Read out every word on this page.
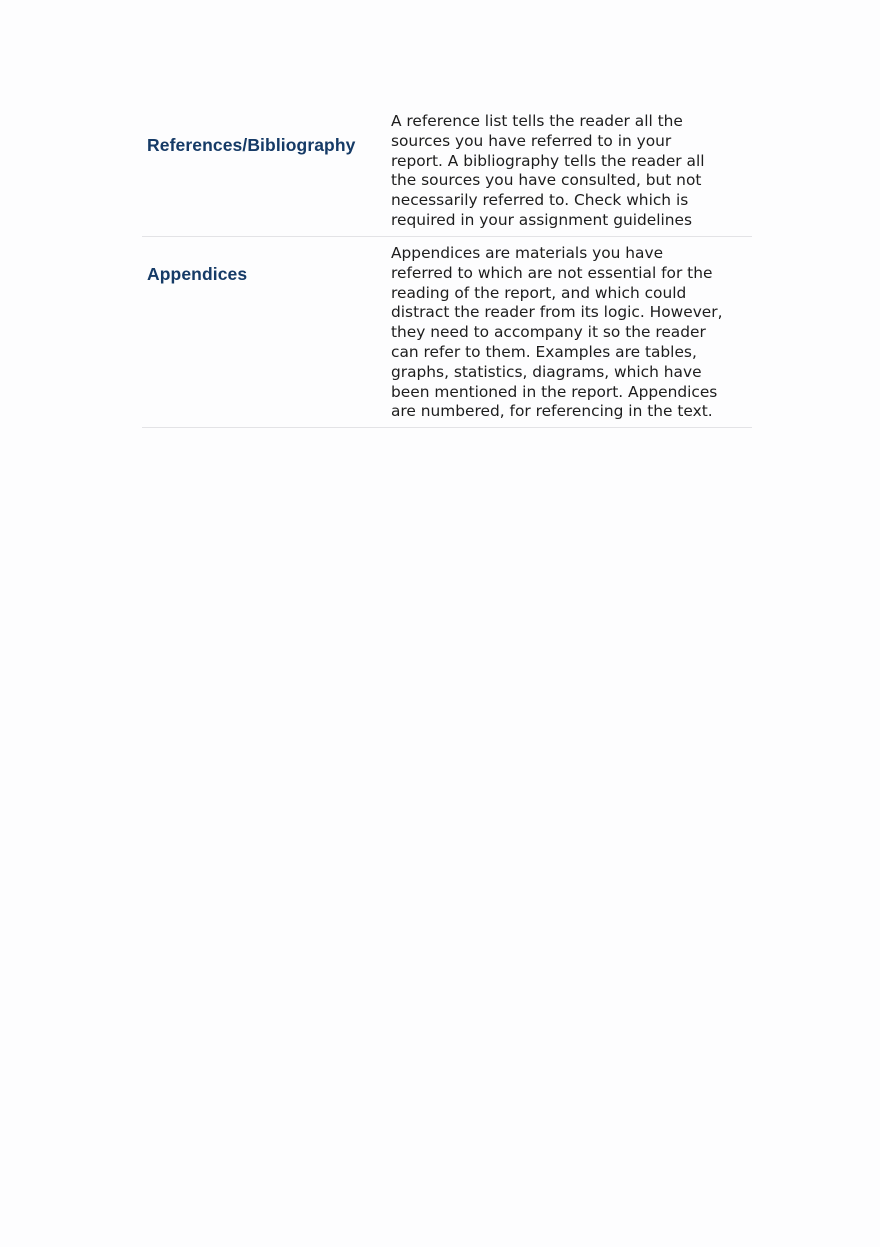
References/Bibliography
A reference list tells the reader all the
sources you have referred to in your
report. A bibliography tells the reader all
the sources you have consulted, but not
necessarily referred to. Check which is
required in your assignment guidelines
Appendices
Appendices are materials you have
referred to which are not essential for the
reading of the report, and which could
distract the reader from its logic. However,
they need to accompany it so the reader
can refer to them. Examples are tables,
graphs, statistics, diagrams, which have
been mentioned in the report. Appendices
are numbered, for referencing in the text.
